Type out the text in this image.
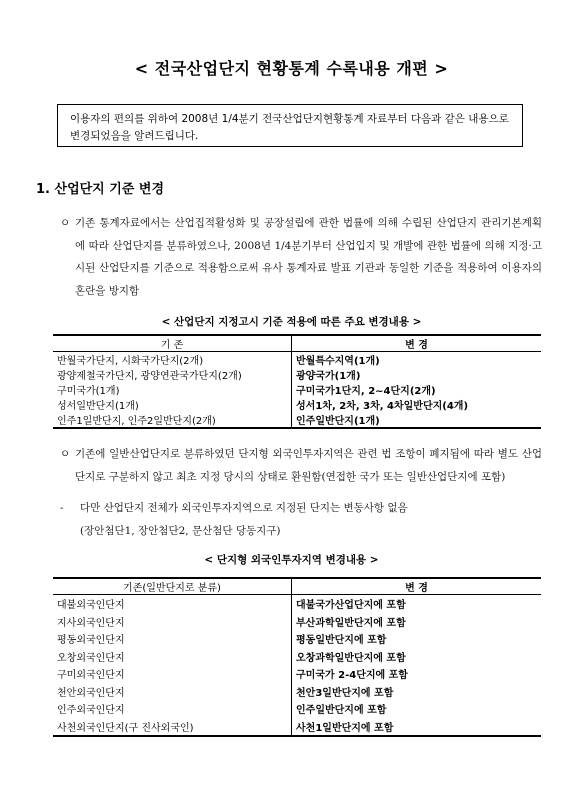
< 전국산업단지 현황통계 수록내용 개편 >
이용자의 편의를 위하여 2008년 1/4분기 전국산업단지현황통계 자료부터 다음과 같은 내용으로
변경되었음을 알려드립니다.
1. 산업단지 기준 변경
ㅇ 기존 통계자료에서는 산업집적활성화 및 공장설립에 관한 법률에 의해 수립된 산업단지 관리기본계획에 따라 산업단지를 분류하였으나, 2008년 1/4분기부터 산업입지 및 개발에 관한 법률에 의해 지정·고시된 산업단지를 기준으로 적용함으로써 유사 통계자료 발표 기관과 동일한 기준을 적용하여 이용자의 혼란을 방지함
< 산업단지 지정고시 기준 적용에 따른 주요 변경내용 >
기 존	변 경
반월국가단지, 시화국가단지(2개)	반월특수지역(1개)
광양제철국가단지, 광양연관국가단지(2개)	광양국가(1개)
구미국가(1개)	구미국가1단지, 2~4단지(2개)
성서일반단지(1개)	성서1차, 2차, 3차, 4차일반단지(4개)
인주1일반단지, 인주2일반단지(2개)	인주일반단지(1개)
ㅇ 기존에 일반산업단지로 분류하였던 단지형 외국인투자지역은 관련 법 조항이 폐지됨에 따라 별도 산업단지로 구분하지 않고 최초 지정 당시의 상태로 환원함(연접한 국가 또는 일반산업단지에 포함)
- 다만 산업단지 전체가 외국인투자지역으로 지정된 단지는 변동사항 없음
(장안첨단1, 장안첨단2, 문산첨단 당동지구)
< 단지형 외국인투자지역 변경내용 >
기존(일반단지로 분류)	변 경
대불외국인단지	대불국가산업단지에 포함
지사외국인단지	부산과학일반단지에 포함
평동외국인단지	평동일반단지에 포함
오창외국인단지	오창과학일반단지에 포함
구미외국인단지	구미국가 2-4단지에 포함
천안외국인단지	천안3일반단지에 포함
인주외국인단지	인주일반단지에 포함
사천외국인단지(구 진사외국인)	사천1일반단지에 포함
